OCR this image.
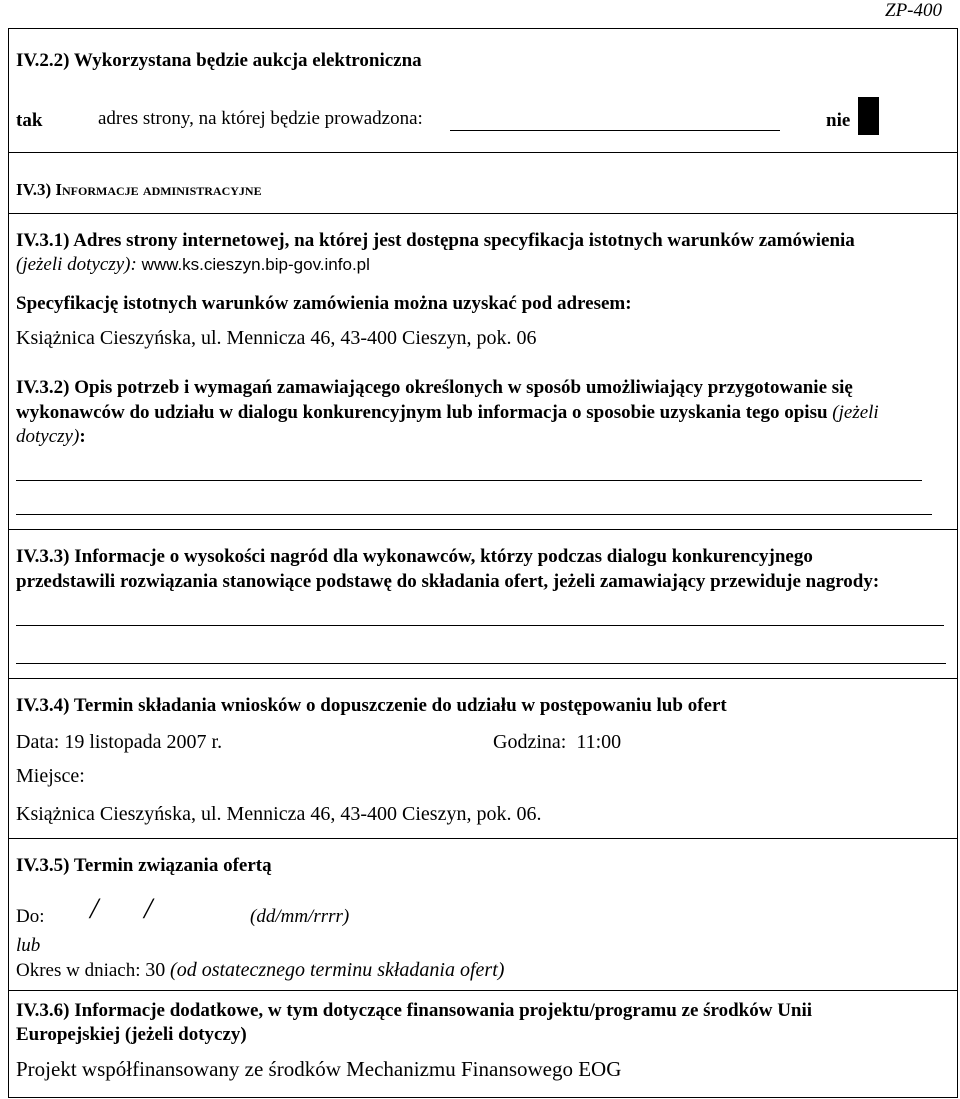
ZP-400
IV.2.2) Wykorzystana będzie aukcja elektroniczna
tak	adres strony, na której będzie prowadzona:	nie
IV.3) Informacje administracyjne
IV.3.1) Adres strony internetowej, na której jest dostępna specyfikacja istotnych warunków zamówienia
(jeżeli dotyczy): www.ks.cieszyn.bip-gov.info.pl
Specyfikację istotnych warunków zamówienia można uzyskać pod adresem:
Książnica Cieszyńska, ul. Mennicza 46, 43-400 Cieszyn, pok. 06
IV.3.2) Opis potrzeb i wymagań zamawiającego określonych w sposób umożliwiający przygotowanie się
wykonawców do udziału w dialogu konkurencyjnym lub informacja o sposobie uzyskania tego opisu (jeżeli
dotyczy):
IV.3.3) Informacje o wysokości nagród dla wykonawców, którzy podczas dialogu konkurencyjnego
przedstawili rozwiązania stanowiące podstawę do składania ofert, jeżeli zamawiający przewiduje nagrody:
IV.3.4) Termin składania wniosków o dopuszczenie do udziału w postępowaniu lub ofert
Data: 19 listopada 2007 r.	Godzina: 11:00
Miejsce:
Książnica Cieszyńska, ul. Mennicza 46, 43-400 Cieszyn, pok. 06.
IV.3.5) Termin związania ofertą
Do: / /	(dd/mm/rrrr)
lub
Okres w dniach: 30 (od ostatecznego terminu składania ofert)
IV.3.6) Informacje dodatkowe, w tym dotyczące finansowania projektu/programu ze środków Unii
Europejskiej (jeżeli dotyczy)
Projekt współfinansowany ze środków Mechanizmu Finansowego EOG
